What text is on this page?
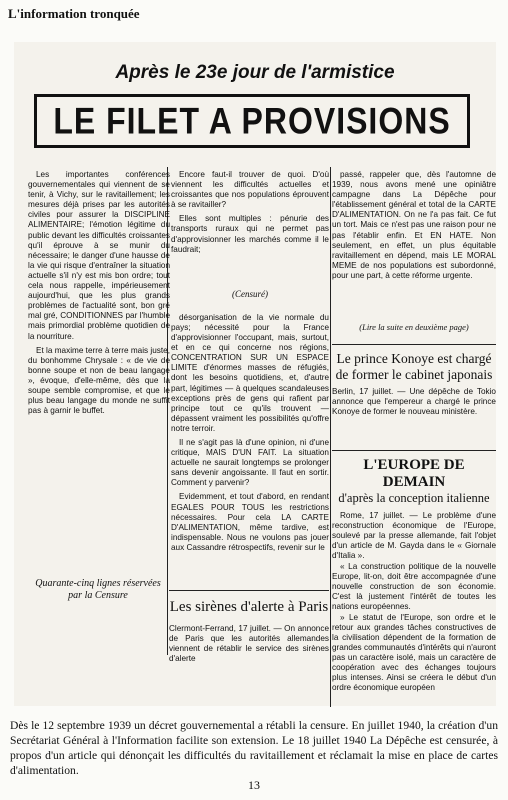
L'information tronquée
Après le 23e jour de l'armistice
LE FILET A PROVISIONS

Les importantes conférences gouvernementales qui viennent de se tenir, à Vichy, sur le ravitaillement; les mesures déjà prises par les autorités civiles pour assurer la DISCIPLINE ALIMENTAIRE; l'émotion légitime du public devant les difficultés croissantes qu'il éprouve à se munir du nécessaire; le danger d'une hausse de la vie qui risque d'entraîner la situation actuelle s'il n'y est mis bon ordre; tout cela nous rappelle, impérieusement aujourd'hui, que les plus grands problèmes de l'actualité sont, bon gré mal gré, CONDITIONNES par l'humble mais primordial problème quotidien de la nourriture.

Et la maxime terre à terre mais juste, du bonhomme Chrysale : « de vie de bonne soupe et non de beau langage », évoque, d'elle-même, dès que la soupe semble compromise, et que le plus beau langage du monde ne suffit pas à garnir le buffet.

Quarante-cinq lignes réservées par la Censure

Encore faut-il trouver de quoi. D'où viennent les difficultés actuelles et croissantes que nos populations éprouvent à se ravitailler?

Elles sont multiples : pénurie des transports ruraux qui ne permet pas d'approvisionner les marchés comme il le faudrait;

(Censuré)

désorganisation de la vie normale du pays; nécessité pour la France d'approvisionner l'occupant, mais, surtout, et en ce qui concerne nos régions, CONCENTRATION SUR UN ESPACE LIMITE d'énormes masses de réfugiés, dont les besoins quotidiens, et, d'autre part, légitimes — à quelques scandaleuses exceptions près de gens qui rafient par principe tout ce qu'ils trouvent — dépassent vraiment les possibilités qu'offre notre terroir.

Il ne s'agit pas là d'une opinion, ni d'une critique, MAIS D'UN FAIT. La situation actuelle ne saurait longtemps se prolonger sans devenir angoissante. Il faut en sortir. Comment y parvenir?

Evidemment, et tout d'abord, en rendant EGALES POUR TOUS les restrictions nécessaires. Pour cela LA CARTE D'ALIMENTATION, même tardive, est indispensable. Nous ne voulons pas jouer aux Cassandre rétrospectifs, revenir sur le

passé, rappeler que, dès l'automne de 1939, nous avons mené une opiniâtre campagne dans La Dépêche pour l'établissement général et total de la CARTE D'ALIMENTATION. On ne l'a pas fait. Ce fut un tort. Mais ce n'est pas une raison pour ne pas l'établir enfin. Et EN HATE. Non seulement, en effet, un plus équitable ravitaillement en dépend, mais LE MORAL MEME de nos populations est subordonné, pour une part, à cette réforme urgente.

(Lire la suite en deuxième page)
Le prince Konoye est chargé de former le cabinet japonais
Berlin, 17 juillet. — Une dépêche de Tokio annonce que l'empereur a chargé le prince Konoye de former le nouveau ministère.
L'EUROPE DE DEMAIN
d'après la conception italienne

Rome, 17 juillet. — Le problème d'une reconstruction économique de l'Europe, soulevé par la presse allemande, fait l'objet d'un article de M. Gayda dans le « Giornale d'Italia ».

« La construction politique de la nouvelle Europe, lit-on, doit être accompagnée d'une nouvelle construction de son économie. C'est là justement l'intérêt de toutes les nations européennes.

» Le statut de l'Europe, son ordre et le retour aux grandes tâches constructives de la civilisation dépendent de la formation de grandes communautés d'intérêts qui n'auront pas un caractère isolé, mais un caractère de coopération avec des échanges toujours plus intenses. Ainsi se créera le début d'un ordre économique européen

Les sirènes d'alerte à Paris
Clermont-Ferrand, 17 juillet. — On annonce de Paris que les autorités allemandes viennent de rétablir le service des sirènes d'alerte
Dès le 12 septembre 1939 un décret gouvernemental a rétabli la censure. En juillet 1940, la création d'un Secrétariat Général à l'Information facilite son extension. Le 18 juillet 1940 La Dépêche est censurée, à propos d'un article qui dénonçait les difficultés du ravitaillement et réclamait la mise en place de cartes d'alimentation.
13
